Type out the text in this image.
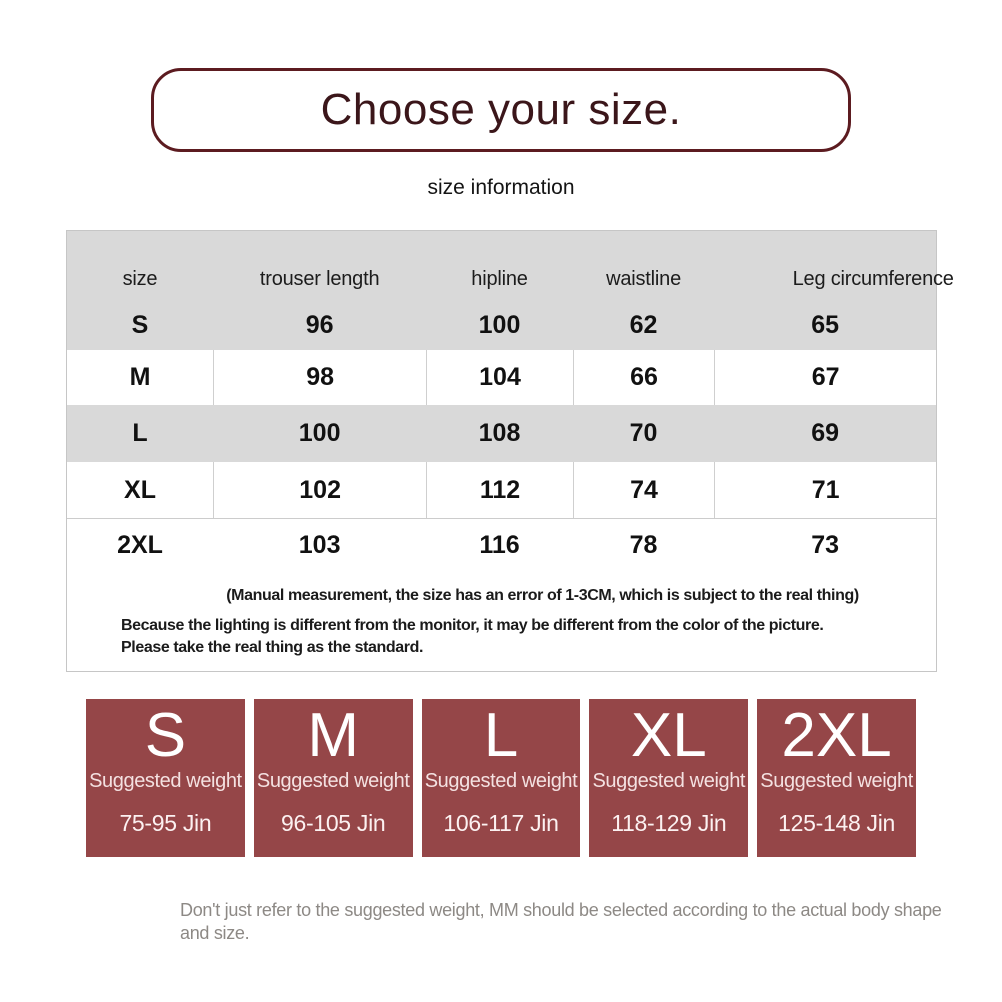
Choose your size.
size information
size	trouser length	hipline	waistline	Leg circumference
S	96	100	62	65
M	98	104	66	67
L	100	108	70	69
XL	102	112	74	71
2XL	103	116	78	73
(Manual measurement, the size has an error of 1-3CM, which is subject to the real thing)
Because the lighting is different from the monitor, it may be different from the color of the picture. Please take the real thing as the standard.
S
Suggested weight
75-95 Jin
M
Suggested weight
96-105 Jin
L
Suggested weight
106-117 Jin
XL
Suggested weight
118-129 Jin
2XL
Suggested weight
125-148 Jin
Don't just refer to the suggested weight, MM should be selected according to the actual body shape and size.
